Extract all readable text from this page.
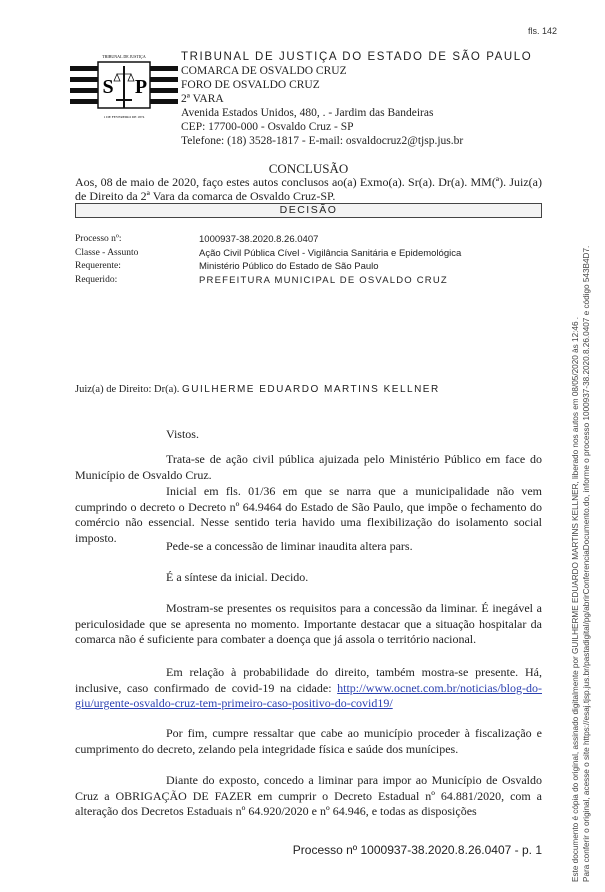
fls. 142
TRIBUNAL DE JUSTIÇA
S P
1 DE FEVEREIRO DE 1874
TRIBUNAL DE JUSTIÇA DO ESTADO DE SÃO PAULO
COMARCA DE OSVALDO CRUZ
FORO DE OSVALDO CRUZ
2ª VARA
Avenida Estados Unidos, 480, . - Jardim das Bandeiras
CEP: 17700-000 - Osvaldo Cruz - SP
Telefone: (18) 3528-1817 - E-mail: osvaldocruz2@tjsp.jus.br
CONCLUSÃO
Aos, 08 de maio de 2020, faço estes autos conclusos ao(a) Exmo(a). Sr(a). Dr(a). MM(ª). Juiz(a) de Direito da 2ª Vara da comarca de Osvaldo Cruz-SP.
DECISÃO
Processo nº:	1000937-38.2020.8.26.0407
Classe - Assunto	Ação Civil Pública Cível - Vigilância Sanitária e Epidemológica
Requerente:	Ministério Público do Estado de São Paulo
Requerido:	PREFEITURA MUNICIPAL DE OSVALDO CRUZ
Juiz(a) de Direito: Dr(a). GUILHERME EDUARDO MARTINS KELLNER
Vistos.
Trata-se de ação civil pública ajuizada pelo Ministério Público em face do Município de Osvaldo Cruz.
Inicial em fls. 01/36 em que se narra que a municipalidade não vem cumprindo o decreto o Decreto nº 64.9464 do Estado de São Paulo, que impõe o fechamento do comércio não essencial. Nesse sentido teria havido uma flexibilização do isolamento social imposto.
Pede-se a concessão de liminar inaudita altera pars.
É a síntese da inicial. Decido.
Mostram-se presentes os requisitos para a concessão da liminar. É inegável a periculosidade que se apresenta no momento. Importante destacar que a situação hospitalar da comarca não é suficiente para combater a doença que já assola o território nacional.
Em relação à probabilidade do direito, também mostra-se presente. Há, inclusive, caso confirmado de covid-19 na cidade: http://www.ocnet.com.br/noticias/blog-do-giu/urgente-osvaldo-cruz-tem-primeiro-caso-positivo-do-covid19/
Por fim, cumpre ressaltar que cabe ao município proceder à fiscalização e cumprimento do decreto, zelando pela integridade física e saúde dos munícipes.
Diante do exposto, concedo a liminar para impor ao Município de Osvaldo Cruz a OBRIGAÇÃO DE FAZER em cumprir o Decreto Estadual nº 64.881/2020, com a alteração dos Decretos Estaduais nº 64.920/2020 e nº 64.946, e todas as disposições
Processo nº 1000937-38.2020.8.26.0407 - p. 1	Este documento é cópia do original, assinado digitalmente por GUILHERME EDUARDO MARTINS KELLNER, liberado nos autos em 08/05/2020 às 12:46 . Para conferir o original, acesse o site https://esaj.tjsp.jus.br/pastadigital/pg/abrirConferenciaDocumento.do, informe o processo 1000937-38.2020.8.26.0407 e código 543B4D7.
